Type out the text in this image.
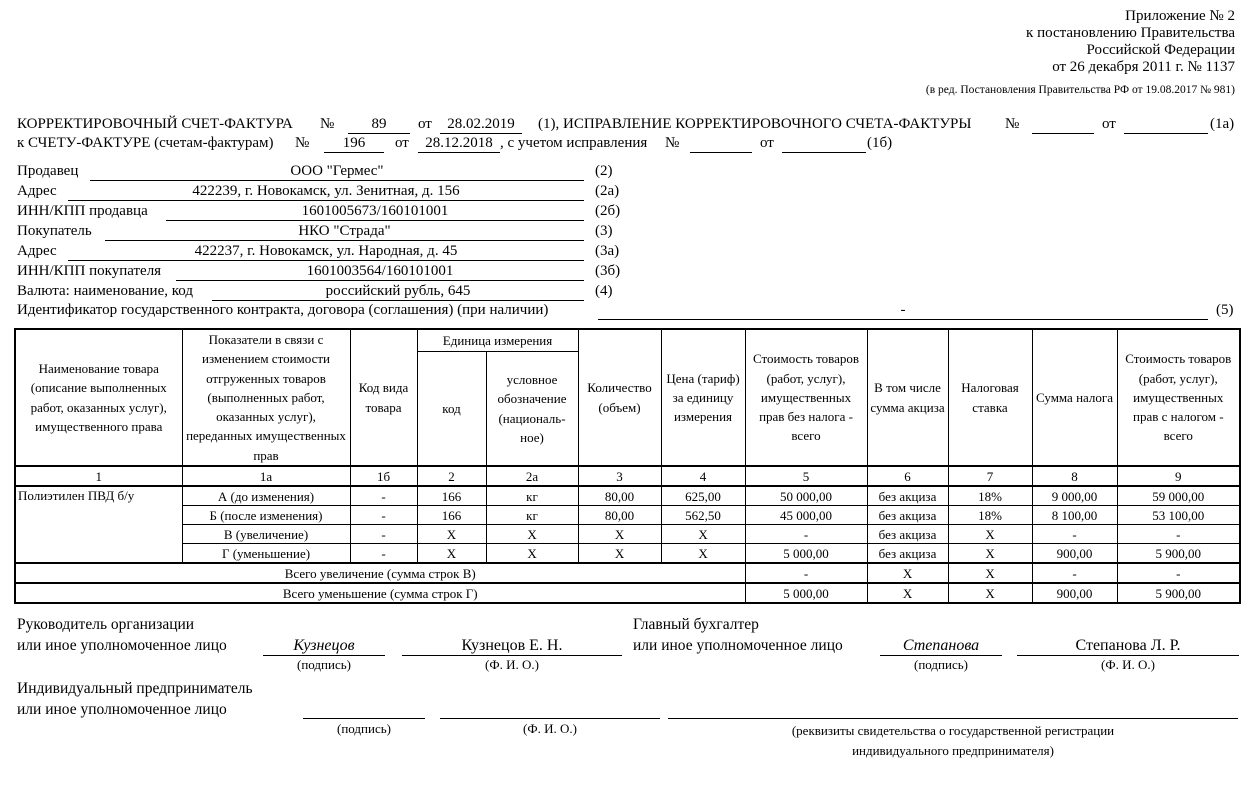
Приложение № 2
к постановлению Правительства
Российской Федерации
от 26 декабря 2011 г. № 1137
(в ред. Постановления Правительства РФ от 19.08.2017 № 981)
КОРРЕКТИРОВОЧНЫЙ СЧЕТ-ФАКТУРА №	89	от	28.02.2019	(1), ИСПРАВЛЕНИЕ КОРРЕКТИРОВОЧНОГО СЧЕТА-ФАКТУРЫ №	от	(1а)
к СЧЕТУ-ФАКТУРЕ (счетам-фактурам) №	196	от	28.12.2018 , с учетом исправления №	от	(1б)
Продавец	ООО "Гермес"	(2)
Адрес	422239, г. Новокамск, ул. Зенитная, д. 156	(2а)
ИНН/КПП продавца	1601005673/160101001	(2б)
Покупатель	НКО "Страда"	(3)
Адрес	422237, г. Новокамск, ул. Народная, д. 45	(3а)
ИНН/КПП покупателя	1601003564/160101001	(3б)
Валюта: наименование, код	российский рубль, 645	(4)
Идентификатор государственного контракта, договора (соглашения) (при наличии)	-	(5)
Наименование товара (описание выполненных работ, оказанных услуг), имущественного права	Показатели в связи с изменением стоимости отгруженных товаров (выполненных работ, оказанных услуг), переданных имущественных прав	Код вида товара	Единица измерения		Количество (объем)	Цена (тариф) за единицу измерения	Стоимость товаров (работ, услуг), имущественных прав без налога - всего	В том числе сумма акциза	Налоговая ставка	Сумма налога	Стоимость товаров (работ, услуг), имущественных прав с налогом - всего
			код	условное обозначение (националь-ное)							
1	1а	1б	2	2а	3	4	5	6	7	8	9
Полиэтилен ПВД б/у	А (до изменения)	-	166	кг	80,00	625,00	50 000,00	без акциза	18%	9 000,00	59 000,00
	Б (после изменения)	-	166	кг	80,00	562,50	45 000,00	без акциза	18%	8 100,00	53 100,00
	В (увеличение)	-	X	X	X	X	-	без акциза	X	-	-
	Г (уменьшение)	-	X	X	X	X	5 000,00	без акциза	X	900,00	5 900,00
Всего увеличение (сумма строк В)							-	X	X	-	-
Всего уменьшение (сумма строк Г)							5 000,00	X	X	900,00	5 900,00
Руководитель организации
или иное уполномоченное лицо	Кузнецов
(подпись)
Кузнецов Е. Н.
(Ф. И. О.)
Главный бухгалтер
или иное уполномоченное лицо	Степанова
(подпись)
Степанова Л. Р.
(Ф. И. О.)
Индивидуальный предприниматель
или иное уполномоченное лицо
(подпись)	(Ф. И. О.)	(реквизиты свидетельства о государственной регистрации
индивидуального предпринимателя)
